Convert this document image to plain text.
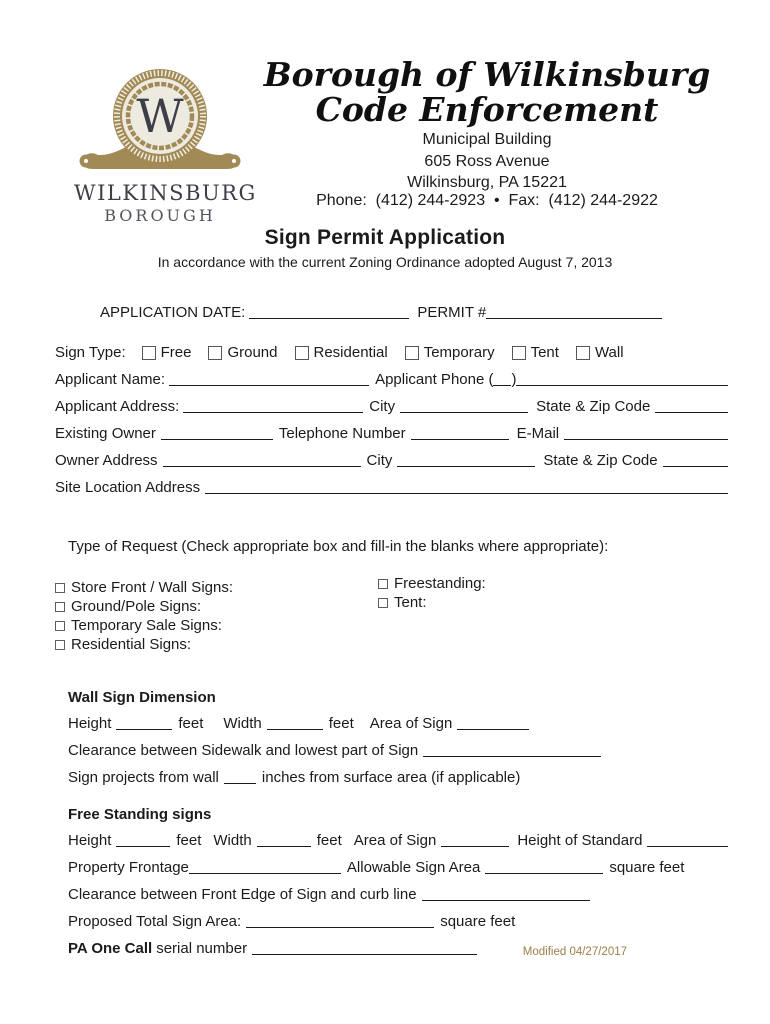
W
WILKINSBURG
BOROUGH
Borough of Wilkinsburg
Code Enforcement
Municipal Building
605 Ross Avenue
Wilkinsburg, PA 15221
Phone:  (412) 244-2923  •  Fax:  (412) 244-2922
Sign Permit Application
In accordance with the current Zoning Ordinance adopted August 7, 2013
APPLICATION DATE:	PERMIT #
Sign Type: Free Ground Residential Temporary Tent Wall
Applicant Name:	Applicant Phone ( )
Applicant Address:	City	State & Zip Code
Existing Owner	Telephone Number	E-Mail
Owner Address	City	State & Zip Code
Site Location Address
Type of Request (Check appropriate box and fill-in the blanks where appropriate):
Store Front / Wall Signs:
Ground/Pole Signs:
Temporary Sale Signs:
Residential Signs:
Freestanding:
Tent:
Wall Sign Dimension
Height	feet Width	feet Area of Sign
Clearance between Sidewalk and lowest part of Sign
Sign projects from wall	inches from surface area (if applicable)
Free Standing signs
Height	feet Width	feet Area of Sign	Height of Standard
Property Frontage	Allowable Sign Area	square feet
Clearance between Front Edge of Sign and curb line
Proposed Total Sign Area:	square feet
PA One Call serial number	Modified 04/27/2017
